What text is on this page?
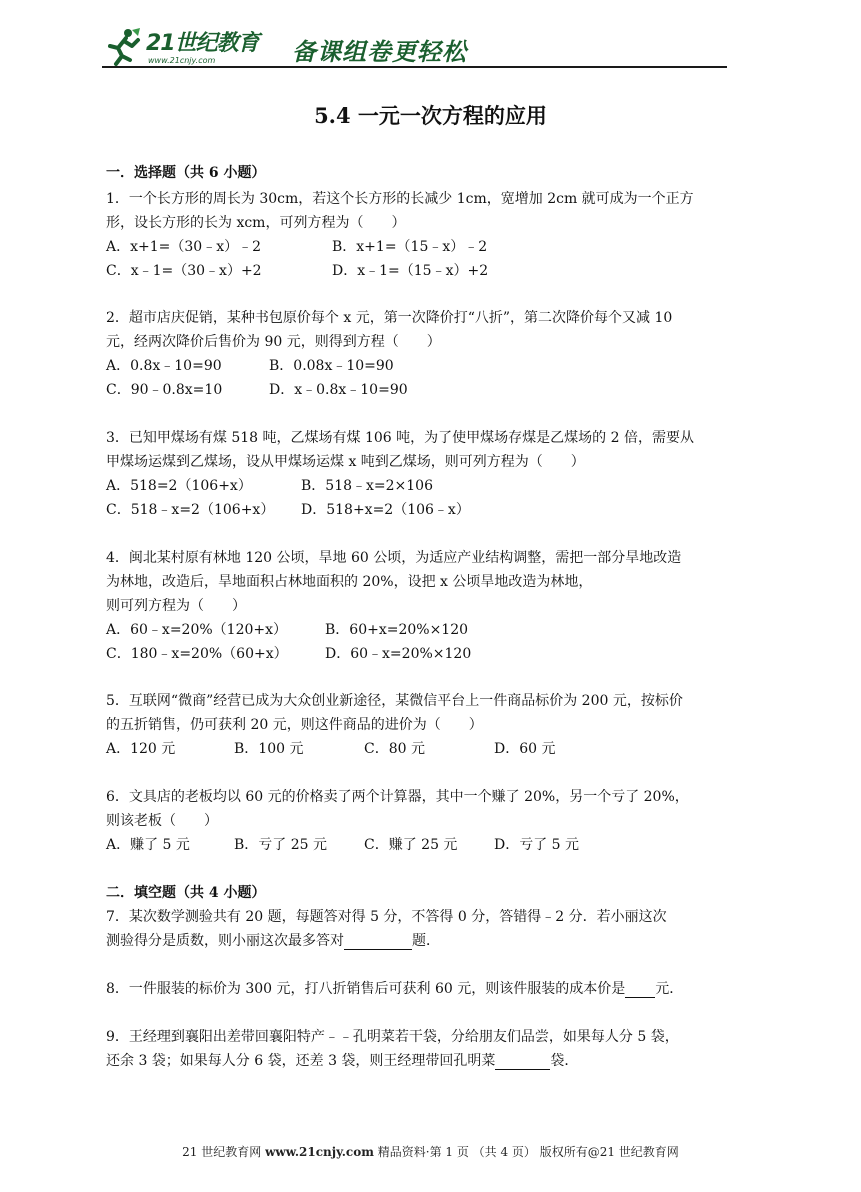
21世纪教育
www.21cnjy.com	备课组卷更轻松
5.4 一元一次方程的应用
一．选择题（共 6 小题）
1．一个长方形的周长为 30cm，若这个长方形的长减少 1cm，宽增加 2cm 就可成为一个正方
形，设长方形的长为 xcm，可列方程为（　　）
A．x+1=（30﹣x）﹣2	B．x+1=（15﹣x）﹣2
C．x﹣1=（30﹣x）+2	D．x﹣1=（15﹣x）+2
2．超市店庆促销，某种书包原价每个 x 元，第一次降价打“八折”，第二次降价每个又减 10
元，经两次降价后售价为 90 元，则得到方程（　　）
A．0.8x﹣10=90	B．0.08x﹣10=90
C．90﹣0.8x=10	D．x﹣0.8x﹣10=90
3．已知甲煤场有煤 518 吨，乙煤场有煤 106 吨，为了使甲煤场存煤是乙煤场的 2 倍，需要从
甲煤场运煤到乙煤场，设从甲煤场运煤 x 吨到乙煤场，则可列方程为（　　）
A．518=2（106+x）	B．518﹣x=2×106
C．518﹣x=2（106+x） D．518+x=2（106﹣x）
4．闽北某村原有林地 120 公顷，旱地 60 公顷，为适应产业结构调整，需把一部分旱地改造
为林地，改造后，旱地面积占林地面积的 20%，设把 x 公顷旱地改造为林地，
则可列方程为（　　）
A．60﹣x=20%（120+x）	B．60+x=20%×120
C．180﹣x=20%（60+x）	D．60﹣x=20%×120
5．互联网“微商”经营已成为大众创业新途径，某微信平台上一件商品标价为 200 元，按标价
的五折销售，仍可获利 20 元，则这件商品的进价为（　　）
A．120 元	B．100 元	C．80 元	D．60 元
6．文具店的老板均以 60 元的价格卖了两个计算器，其中一个赚了 20%，另一个亏了 20%，
则该老板（　　）
A．赚了 5 元	B．亏了 25 元	C．赚了 25 元	D．亏了 5 元
二．填空题（共 4 小题）
7．某次数学测验共有 20 题，每题答对得 5 分，不答得 0 分，答错得﹣2 分．若小丽这次
测验得分是质数，则小丽这次最多答对	题．
8．一件服装的标价为 300 元，打八折销售后可获利 60 元，则该件服装的成本价是 元．
9．王经理到襄阳出差带回襄阳特产﹣﹣孔明菜若干袋，分给朋友们品尝，如果每人分 5 袋，
还余 3 袋；如果每人分 6 袋，还差 3 袋，则王经理带回孔明菜	袋．
21 世纪教育网 www.21cnjy.com 精品资料·第 1 页 （共 4 页） 版权所有@21 世纪教育网
